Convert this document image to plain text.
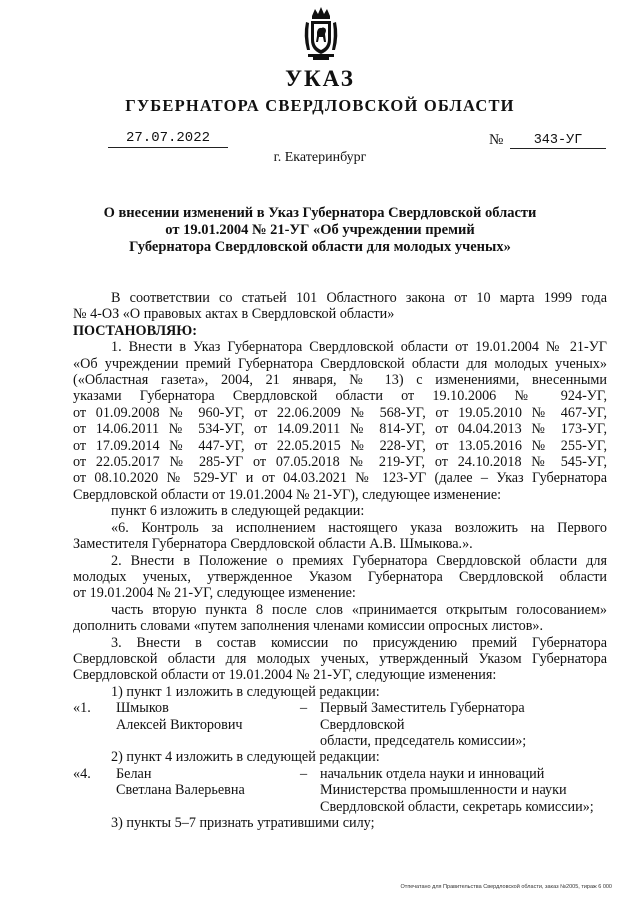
УКАЗ
ГУБЕРНАТОРА СВЕРДЛОВСКОЙ ОБЛАСТИ
27.07.2022	№	343-УГ
г. Екатеринбург
О внесении изменений в Указ Губернатора Свердловской области
от 19.01.2004 № 21-УГ «Об учреждении премий
Губернатора Свердловской области для молодых ученых»

В соответствии со статьей 101 Областного закона от 10 марта 1999 года

№ 4-ОЗ «О правовых актах в Свердловской области»

ПОСТАНОВЛЯЮ:

1. Внести в Указ Губернатора Свердловской области от 19.01.2004 № 21-УГ

«Об учреждении премий Губернатора Свердловской области для молодых ученых»

(«Областная газета», 2004, 21 января, № 13) с изменениями, внесенными

указами Губернатора Свердловской области от 19.10.2006 № 924-УГ,

от 01.09.2008 № 960-УГ, от 22.06.2009 № 568-УГ, от 19.05.2010 № 467-УГ,

от 14.06.2011 № 534-УГ, от 14.09.2011 № 814-УГ, от 04.04.2013 № 173-УГ,

от 17.09.2014 № 447-УГ, от 22.05.2015 № 228-УГ, от 13.05.2016 № 255-УГ,

от 22.05.2017 № 285-УГ от 07.05.2018 № 219-УГ, от 24.10.2018 № 545-УГ,

от 08.10.2020 № 529-УГ и от 04.03.2021 № 123-УГ (далее – Указ Губернатора

Свердловской области от 19.01.2004 № 21-УГ), следующее изменение:

пункт 6 изложить в следующей редакции:

«6. Контроль за исполнением настоящего указа возложить на Первого

Заместителя Губернатора Свердловской области А.В. Шмыкова.».

2. Внести в Положение о премиях Губернатора Свердловской области для

молодых ученых, утвержденное Указом Губернатора Свердловской области

от 19.01.2004 № 21-УГ, следующее изменение:

часть вторую пункта 8 после слов «принимается открытым голосованием»

дополнить словами «путем заполнения членами комиссии опросных листов».

3. Внести в состав комиссии по присуждению премий Губернатора

Свердловской области для молодых ученых, утвержденный Указом Губернатора

Свердловской области от 19.01.2004 № 21-УГ, следующие изменения:

1) пункт 1 изложить в следующей редакции:

«1.	Шмыков
Алексей Викторович
– Первый Заместитель Губернатора Свердловской
области, председатель комиссии»;

2) пункт 4 изложить в следующей редакции:

«4.	Белан
Светлана Валерьевна
– начальник отдела науки и инноваций
Министерства промышленности и науки
Свердловской области, секретарь комиссии»;

3) пункты 5–7 признать утратившими силу;

Отпечатано для Правительства Свердловской области, заказ №2005, тираж 6 000
